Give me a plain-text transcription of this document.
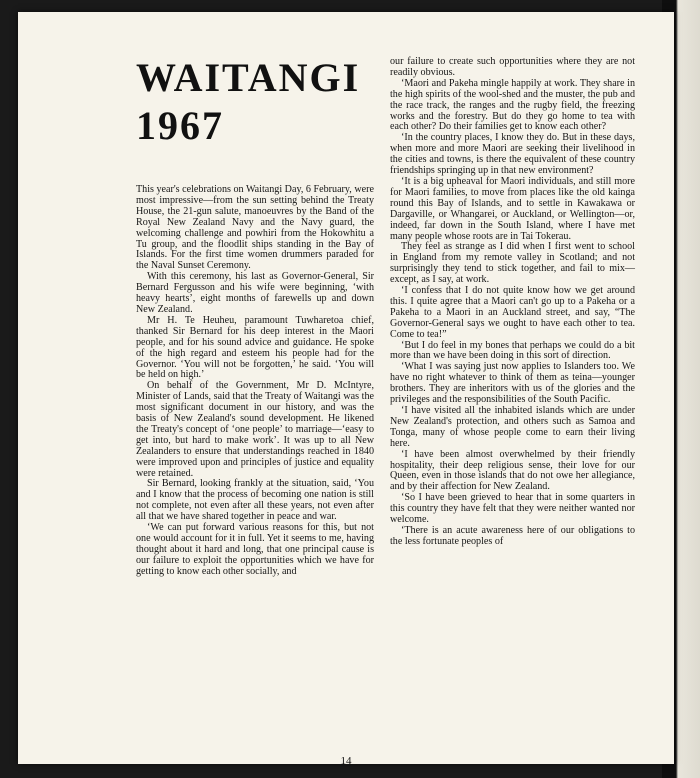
WAITANGI
1967

This year's celebrations on Waitangi Day, 6 February, were most impressive—from the sun setting behind the Treaty House, the 21-gun salute, manoeuvres by the Band of the Royal New Zealand Navy and the Navy guard, the welcoming challenge and powhiri from the Hokowhitu a Tu group, and the floodlit ships standing in the Bay of Islands. For the first time women drummers paraded for the Naval Sunset Ceremony.

With this ceremony, his last as Governor-General, Sir Bernard Fergusson and his wife were beginning, ‘with heavy hearts’, eight months of farewells up and down New Zealand.

Mr H. Te Heuheu, paramount Tuwharetoa chief, thanked Sir Bernard for his deep interest in the Maori people, and for his sound advice and guidance. He spoke of the high regard and esteem his people had for the Governor. ‘You will not be forgotten,’ he said. ‘You will be held on high.’

On behalf of the Government, Mr D. McIntyre, Minister of Lands, said that the Treaty of Waitangi was the most significant document in our history, and was the basis of New Zealand's sound development. He likened the Treaty's concept of ‘one people’ to marriage—‘easy to get into, but hard to make work’. It was up to all New Zealanders to ensure that understandings reached in 1840 were improved upon and principles of justice and equality were retained.

Sir Bernard, looking frankly at the situation, said, ‘You and I know that the process of becoming one nation is still not complete, not even after all these years, not even after all that we have shared together in peace and war.

‘We can put forward various reasons for this, but not one would account for it in full. Yet it seems to me, having thought about it hard and long, that one principal cause is our failure to exploit the opportunities which we have for getting to know each other socially, and

our failure to create such opportunities where they are not readily obvious.

‘Maori and Pakeha mingle happily at work. They share in the high spirits of the wool-shed and the muster, the pub and the race track, the ranges and the rugby field, the freezing works and the forestry. But do they go home to tea with each other? Do their families get to know each other?

‘In the country places, I know they do. But in these days, when more and more Maori are seeking their livelihood in the cities and towns, is there the equivalent of these country friendships springing up in that new environment?

‘It is a big upheaval for Maori individuals, and still more for Maori families, to move from places like the old kainga round this Bay of Islands, and to settle in Kawakawa or Dargaville, or Whangarei, or Auckland, or Wellington—or, indeed, far down in the South Island, where I have met many people whose roots are in Tai Tokerau.

They feel as strange as I did when I first went to school in England from my remote valley in Scotland; and not surprisingly they tend to stick together, and fail to mix—except, as I say, at work.

‘I confess that I do not quite know how we get around this. I quite agree that a Maori can't go up to a Pakeha or a Pakeha to a Maori in an Auckland street, and say, “The Governor-General says we ought to have each other to tea. Come to tea!”

‘But I do feel in my bones that perhaps we could do a bit more than we have been doing in this sort of direction.

‘What I was saying just now applies to Islanders too. We have no right whatever to think of them as teina—younger brothers. They are inheritors with us of the glories and the privileges and the responsibilities of the South Pacific.

‘I have visited all the inhabited islands which are under New Zealand's protection, and others such as Samoa and Tonga, many of whose people come to earn their living here.

‘I have been almost overwhelmed by their friendly hospitality, their deep religious sense, their love for our Queen, even in those islands that do not owe her allegiance, and by their affection for New Zealand.

‘So I have been grieved to hear that in some quarters in this country they have felt that they were neither wanted nor welcome.

‘There is an acute awareness here of our obligations to the less fortunate peoples of

14
